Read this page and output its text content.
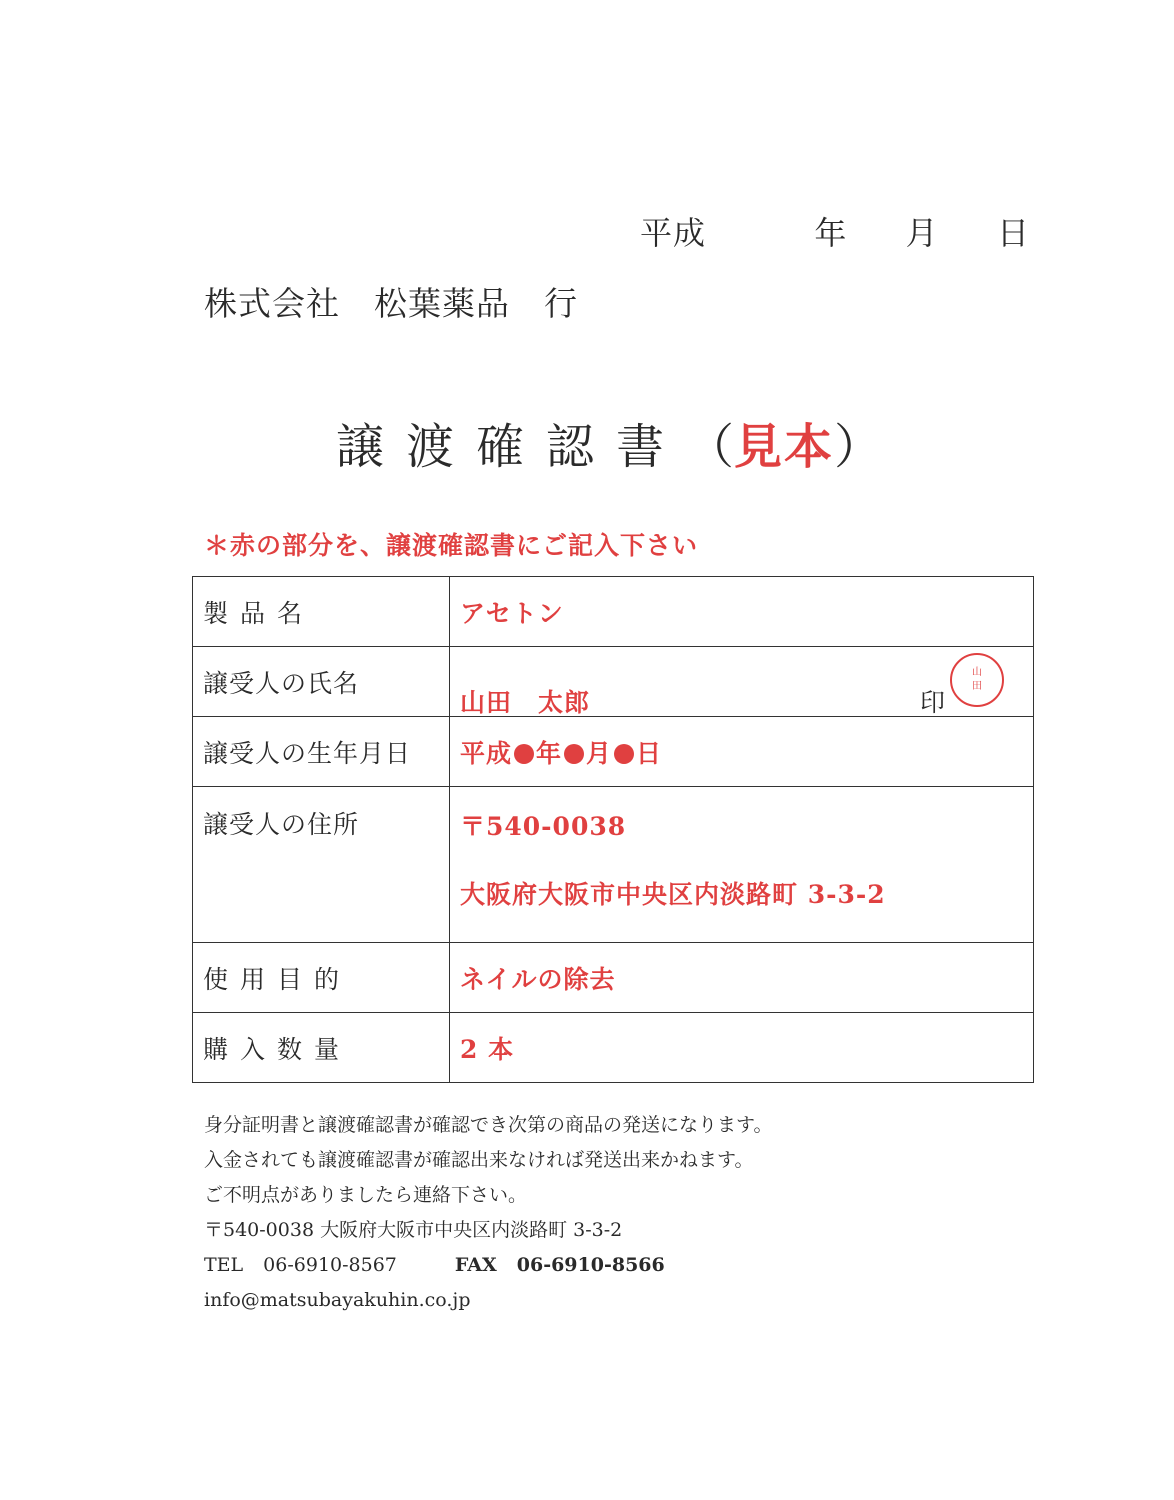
平成	年 月 日
株式会社　松葉薬品　行
譲渡確認書（見本）
＊赤の部分を、譲渡確認書にご記入下さい
製品名	アセトン
譲受人の氏名	山田　太郎 印
山
田

譲受人の生年月日	平成 年 月 日
譲受人の住所	〒540-0038
大阪府大阪市中央区内淡路町 3-3-2

使用目的	ネイルの除去
購入数量	2 本
身分証明書と譲渡確認書が確認でき次第の商品の発送になります。
入金されても譲渡確認書が確認出来なければ発送出来かねます。
ご不明点がありましたら連絡下さい。
〒540-0038 大阪府大阪市中央区内淡路町 3-3-2
TEL 06-6910-8567	FAX 06-6910-8566
info@matsubayakuhin.co.jp
